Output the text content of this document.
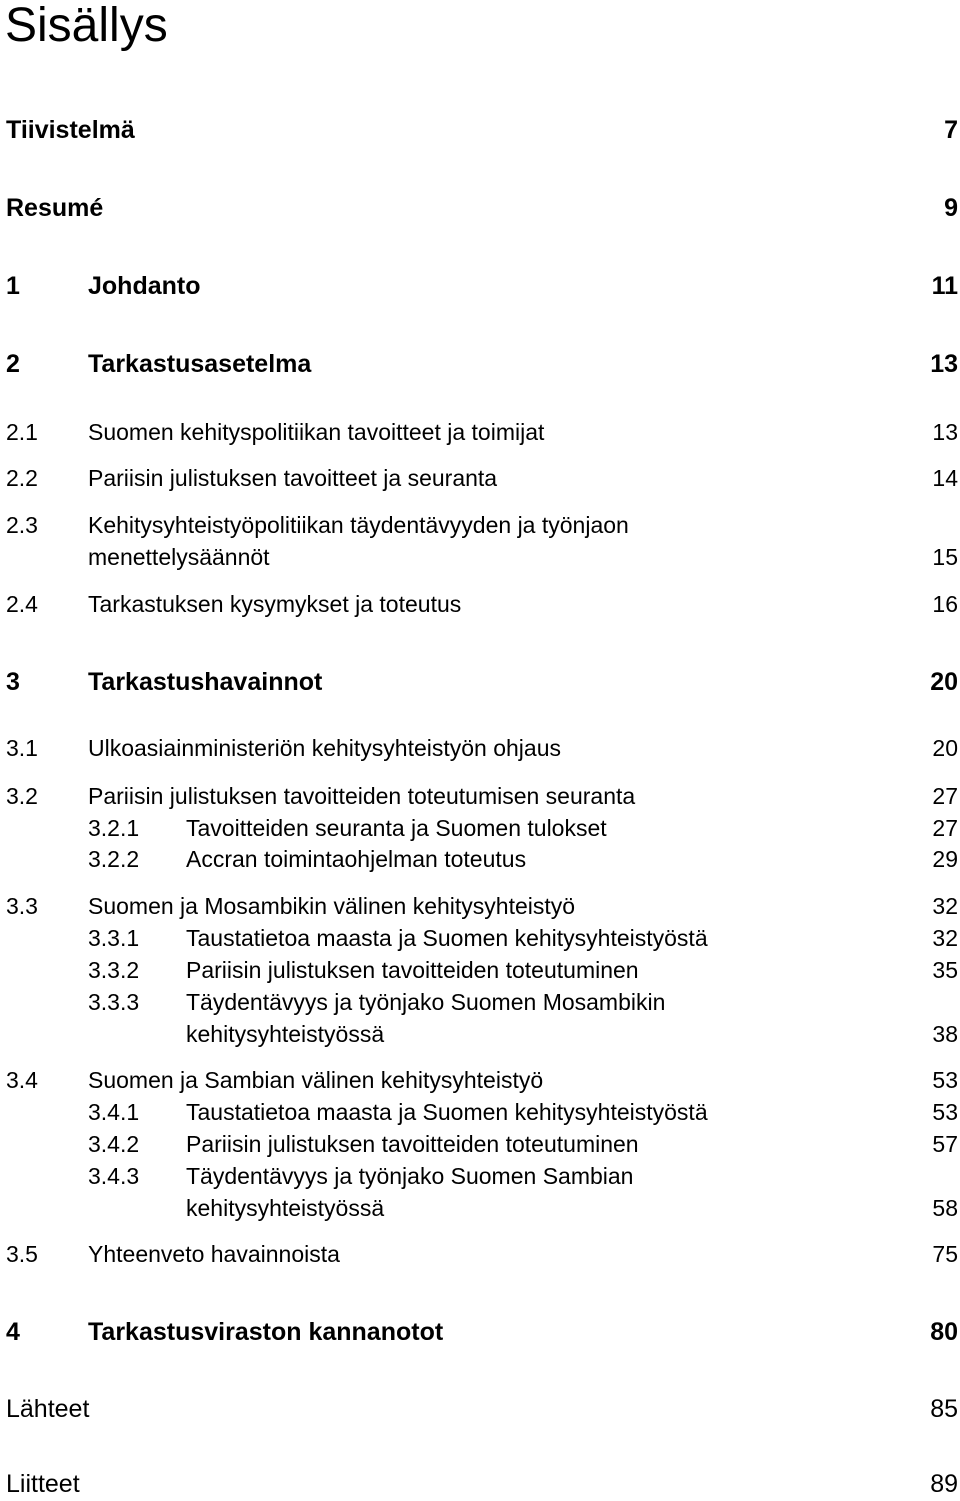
Sisällys
Tiivistelmä	7
Resumé	9
1	Johdanto	11
2	Tarkastusasetelma	13
2.1 Suomen kehityspolitiikan tavoitteet ja toimijat	13
2.2 Pariisin julistuksen tavoitteet ja seuranta	14
2.3 Kehitysyhteistyöpolitiikan täydentävyyden ja työnjaon
menettelysäännöt	15
2.4 Tarkastuksen kysymykset ja toteutus	16
3	Tarkastushavainnot	20
3.1 Ulkoasiainministeriön kehitysyhteistyön ohjaus	20
3.2 Pariisin julistuksen tavoitteiden toteutumisen seuranta	27
3.2.1 Tavoitteiden seuranta ja Suomen tulokset	27
3.2.2 Accran toimintaohjelman toteutus	29
3.3 Suomen ja Mosambikin välinen kehitysyhteistyö	32
3.3.1 Taustatietoa maasta ja Suomen kehitysyhteistyöstä	32
3.3.2 Pariisin julistuksen tavoitteiden toteutuminen	35
3.3.3 Täydentävyys ja työnjako Suomen Mosambikin
kehitysyhteistyössä	38
3.4 Suomen ja Sambian välinen kehitysyhteistyö	53
3.4.1 Taustatietoa maasta ja Suomen kehitysyhteistyöstä	53
3.4.2 Pariisin julistuksen tavoitteiden toteutuminen	57
3.4.3 Täydentävyys ja työnjako Suomen Sambian
kehitysyhteistyössä	58
3.5 Yhteenveto havainnoista	75
4	Tarkastusviraston kannanotot	80
Lähteet	85
Liitteet	89
